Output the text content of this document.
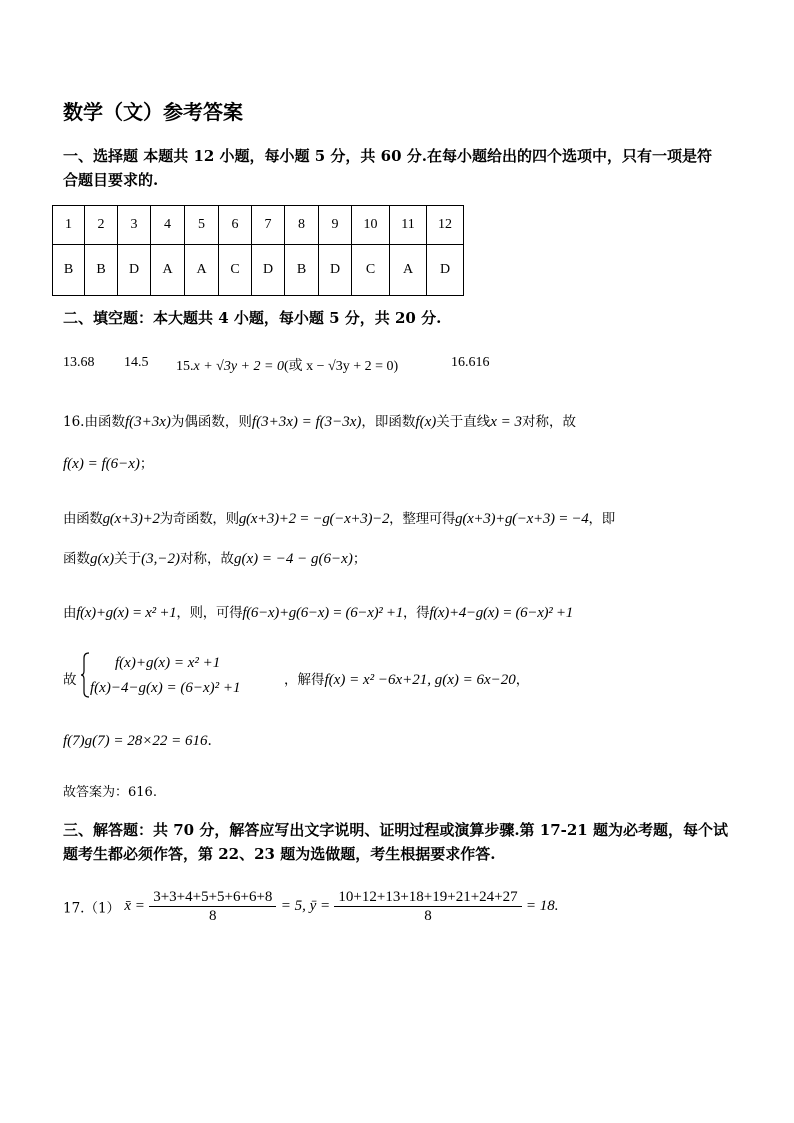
数学（文）参考答案
一、选择题 本题共 12 小题，每小题 5 分，共 60 分.在每小题给出的四个选项中，只有一项是符
合题目要求的.
1	2	3	4	5	6	7	8	9	10	11	12
B	B	D	A	A	C	D	B	D	C	A	D
二、填空题：本大题共 4 小题，每小题 5 分，共 20 分.
13.68 14.5 15.x + √3y + 2 = 0(或 x − √3y + 2 = 0)	16.616
16.由函数f(3+3x)为偶函数，则f(3+3x) = f(3−3x)，即函数f(x)关于直线x = 3对称，故
f(x) = f(6−x)；
由函数g(x+3)+2为奇函数，则g(x+3)+2 = −g(−x+3)−2，整理可得g(x+3)+g(−x+3) = −4，即
函数g(x)关于(3,−2)对称，故g(x) = −4 − g(6−x)；
由f(x)+g(x) = x² +1，则，可得f(6−x)+g(6−x) = (6−x)² +1，得f(x)+4−g(x) = (6−x)² +1
故
f(x)+g(x) = x² +1
f(x)−4−g(x) = (6−x)² +1	，解得f(x) = x² −6x+21, g(x) = 6x−20，
f(7)g(7) = 28×22 = 616.
故答案为：616.
三、解答题：共 70 分，解答应写出文字说明、证明过程或演算步骤.第 17-21 题为必考题，每个试
题考生都必须作答，第 22、23 题为选做题，考生根据要求作答.
17.（1） x̄ = $\frac{3+3+4+5+5+6+6+8}{8} = 5$, ȳ = $\frac{10+12+13+18+19+21+24+27}{8} = 18$.
